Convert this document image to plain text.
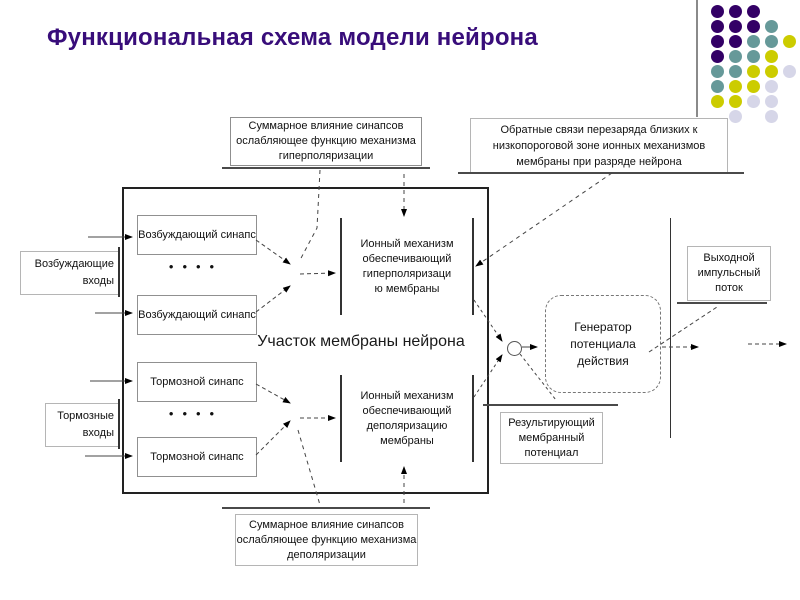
Функциональная схема модели нейрона
Суммарное влияние синапсов ослабляющее функцию механизма гиперполяризации
Обратные связи перезаряда близких к низкопороговой зоне ионных механизмов мембраны при разряде нейрона
Возбуждающие входы
Тормозные входы
Возбуждающий синапс
••••
Возбуждающий синапс
Тормозной синапс
••••
Тормозной синапс
Участок мембраны нейрона
Ионный механизм
обеспечивающий
гиперполяризаци
ю мембраны
Ионный механизм
обеспечивающий
деполяризацию
мембраны
Генератор потенциала действия
Выходной импульсный поток
Результирующий мембранный потенциал
Суммарное влияние синапсов ослабляющее функцию механизма деполяризации
